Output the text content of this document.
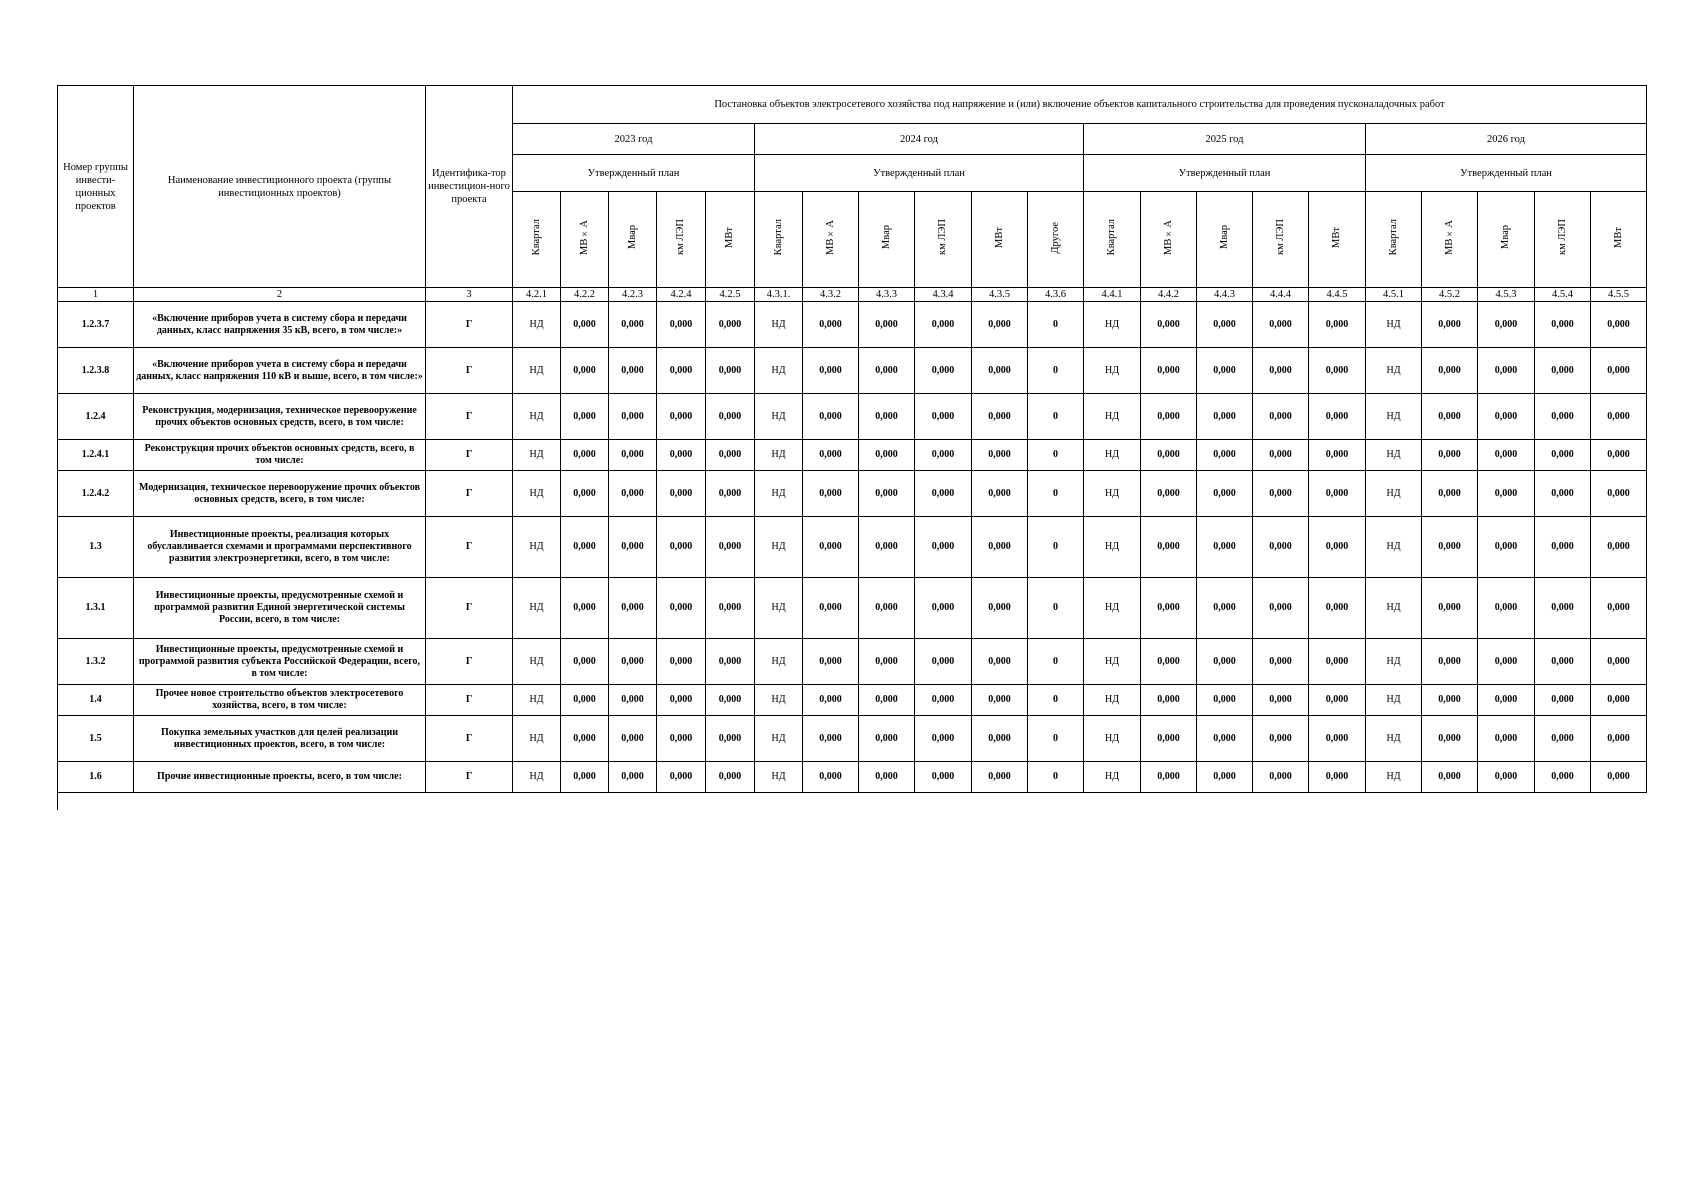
Номер группы инвести-ционных проектов	Наименование инвестиционного проекта (группы инвестиционных проектов)	Идентифика-тор инвестицион-ного проекта	Постановка объектов электросетевого хозяйства под напряжение и (или) включение объектов капитального строительства для проведения пусконаладочных работ																				
			2023 год					2024 год						2025 год					2026 год				
			Утвержденный план					Утвержденный план						Утвержденный план					Утвержденный план				
			Квартал	МВ×А	Мвар	км ЛЭП	МВт	Квартал	МВ×А	Мвар	км ЛЭП	МВт	Другое	Квартал	МВ×А	Мвар	км ЛЭП	МВт	Квартал	МВ×А	Мвар	км ЛЭП	МВт
1	2	3	4.2.1	4.2.2	4.2.3	4.2.4	4.2.5	4.3.1.	4.3.2	4.3.3	4.3.4	4.3.5	4.3.6	4.4.1	4.4.2	4.4.3	4.4.4	4.4.5	4.5.1	4.5.2	4.5.3	4.5.4	4.5.5
1.2.3.7	«Включение приборов учета в систему сбора и передачи данных, класс напряжения 35 кВ, всего, в том числе:»	Г	НД	0,000	0,000	0,000	0,000	НД	0,000	0,000	0,000	0,000	0	НД	0,000	0,000	0,000	0,000	НД	0,000	0,000	0,000	0,000
1.2.3.8	«Включение приборов учета в систему сбора и передачи данных, класс напряжения 110 кВ и выше, всего, в том числе:»	Г	НД	0,000	0,000	0,000	0,000	НД	0,000	0,000	0,000	0,000	0	НД	0,000	0,000	0,000	0,000	НД	0,000	0,000	0,000	0,000
1.2.4	Реконструкция, модернизация, техническое перевооружение прочих объектов основных средств, всего, в том числе:	Г	НД	0,000	0,000	0,000	0,000	НД	0,000	0,000	0,000	0,000	0	НД	0,000	0,000	0,000	0,000	НД	0,000	0,000	0,000	0,000
1.2.4.1	Реконструкция прочих объектов основных средств, всего, в том числе:	Г	НД	0,000	0,000	0,000	0,000	НД	0,000	0,000	0,000	0,000	0	НД	0,000	0,000	0,000	0,000	НД	0,000	0,000	0,000	0,000
1.2.4.2	Модернизация, техническое перевооружение прочих объектов основных средств, всего, в том числе:	Г	НД	0,000	0,000	0,000	0,000	НД	0,000	0,000	0,000	0,000	0	НД	0,000	0,000	0,000	0,000	НД	0,000	0,000	0,000	0,000
1.3	Инвестиционные проекты, реализация которых обуславливается схемами и программами перспективного развития электроэнергетики, всего, в том числе:	Г	НД	0,000	0,000	0,000	0,000	НД	0,000	0,000	0,000	0,000	0	НД	0,000	0,000	0,000	0,000	НД	0,000	0,000	0,000	0,000
1.3.1	Инвестиционные проекты, предусмотренные схемой и программой развития Единой энергетической системы России, всего, в том числе:	Г	НД	0,000	0,000	0,000	0,000	НД	0,000	0,000	0,000	0,000	0	НД	0,000	0,000	0,000	0,000	НД	0,000	0,000	0,000	0,000
1.3.2	Инвестиционные проекты, предусмотренные схемой и программой развития субъекта Российской Федерации, всего, в том числе:	Г	НД	0,000	0,000	0,000	0,000	НД	0,000	0,000	0,000	0,000	0	НД	0,000	0,000	0,000	0,000	НД	0,000	0,000	0,000	0,000
1.4	Прочее новое строительство объектов электросетевого хозяйства, всего, в том числе:	Г	НД	0,000	0,000	0,000	0,000	НД	0,000	0,000	0,000	0,000	0	НД	0,000	0,000	0,000	0,000	НД	0,000	0,000	0,000	0,000
1.5	Покупка земельных участков для целей реализации инвестиционных проектов, всего, в том числе:	Г	НД	0,000	0,000	0,000	0,000	НД	0,000	0,000	0,000	0,000	0	НД	0,000	0,000	0,000	0,000	НД	0,000	0,000	0,000	0,000
1.6	Прочие инвестиционные проекты, всего, в том числе:	Г	НД	0,000	0,000	0,000	0,000	НД	0,000	0,000	0,000	0,000	0	НД	0,000	0,000	0,000	0,000	НД	0,000	0,000	0,000	0,000
